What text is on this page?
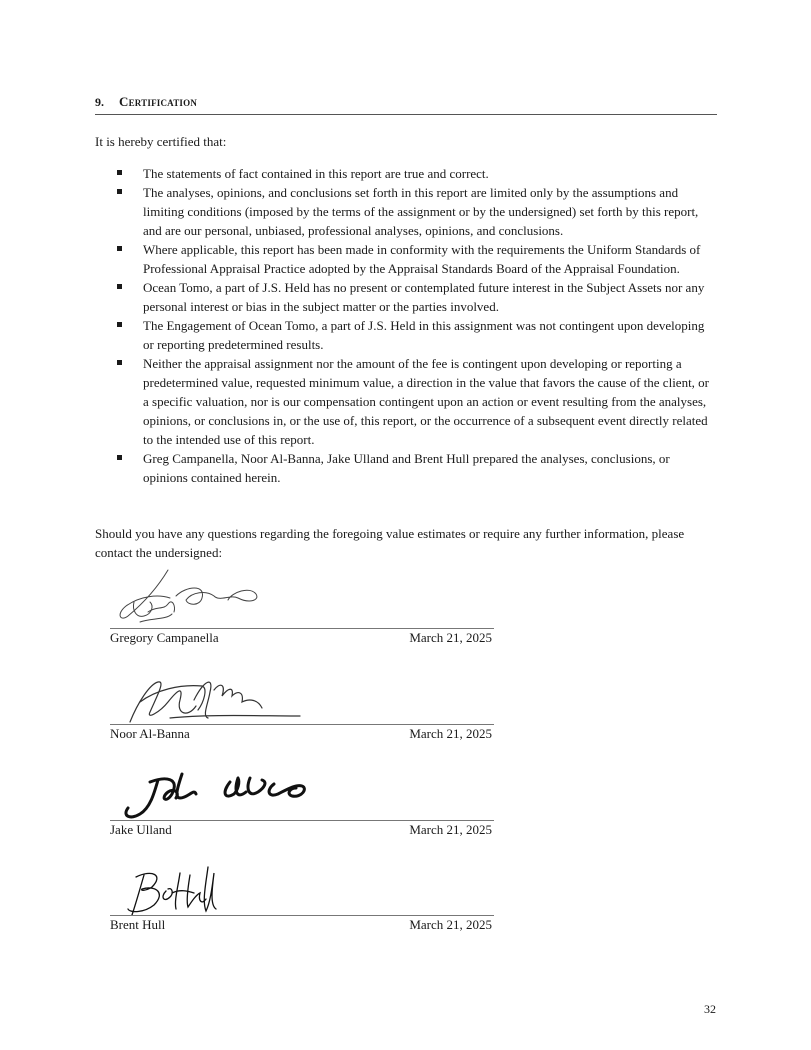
9. Certification
It is hereby certified that:
The statements of fact contained in this report are true and correct.
The analyses, opinions, and conclusions set forth in this report are limited only by the assumptions and limiting conditions (imposed by the terms of the assignment or by the undersigned) set forth by this report, and are our personal, unbiased, professional analyses, opinions, and conclusions.
Where applicable, this report has been made in conformity with the requirements the Uniform Standards of Professional Appraisal Practice adopted by the Appraisal Standards Board of the Appraisal Foundation.
Ocean Tomo, a part of J.S. Held has no present or contemplated future interest in the Subject Assets nor any personal interest or bias in the subject matter or the parties involved.
The Engagement of Ocean Tomo, a part of J.S. Held in this assignment was not contingent upon developing or reporting predetermined results.
Neither the appraisal assignment nor the amount of the fee is contingent upon developing or reporting a predetermined value, requested minimum value, a direction in the value that favors the cause of the client, or a specific valuation, nor is our compensation contingent upon an action or event resulting from the analyses, opinions, or conclusions in, or the use of, this report, or the occurrence of a subsequent event directly related to the intended use of this report.
Greg Campanella, Noor Al-Banna, Jake Ulland and Brent Hull prepared the analyses, conclusions, or opinions contained herein.
Should you have any questions regarding the foregoing value estimates or require any further information, please contact the undersigned:
Gregory Campanella	March 21, 2025
Noor Al-Banna	March 21, 2025
Jake Ulland	March 21, 2025
Brent Hull	March 21, 2025
32
